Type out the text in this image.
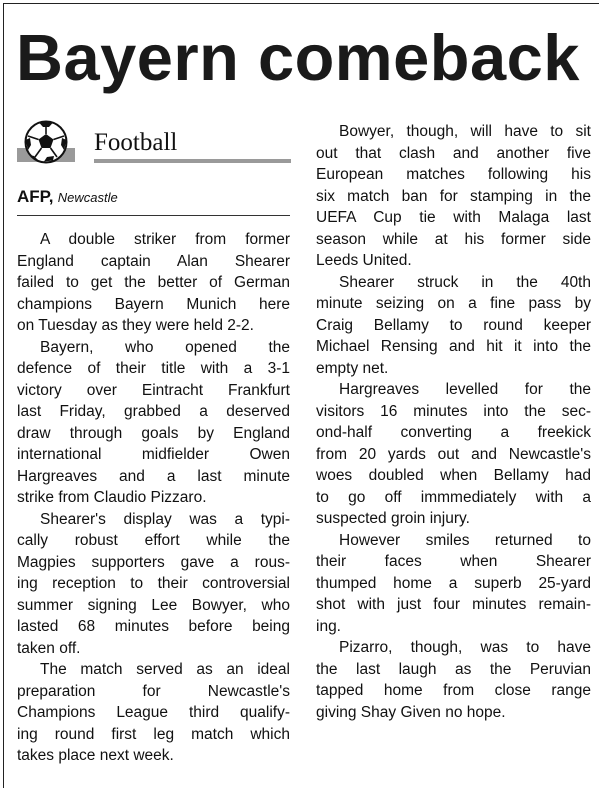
Bayern comeback
Football
AFP, Newcastle

A double striker from former

England captain Alan Shearer

failed to get the better of German

champions Bayern Munich here

on Tuesday as they were held 2-2.

Bayern, who opened the

defence of their title with a 3-1

victory over Eintracht Frankfurt

last Friday, grabbed a deserved

draw through goals by England

international midfielder Owen

Hargreaves and a last minute

strike from Claudio Pizzaro.

Shearer's display was a typi-

cally robust effort while the

Magpies supporters gave a rous-

ing reception to their controversial

summer signing Lee Bowyer, who

lasted 68 minutes before being

taken off.

The match served as an ideal

preparation for Newcastle's

Champions League third qualify-

ing round first leg match which

takes place next week.

Bowyer, though, will have to sit

out that clash and another five

European matches following his

six match ban for stamping in the

UEFA Cup tie with Malaga last

season while at his former side

Leeds United.

Shearer struck in the 40th

minute seizing on a fine pass by

Craig Bellamy to round keeper

Michael Rensing and hit it into the

empty net.

Hargreaves levelled for the

visitors 16 minutes into the sec-

ond-half converting a freekick

from 20 yards out and Newcastle's

woes doubled when Bellamy had

to go off immmediately with a

suspected groin injury.

However smiles returned to

their faces when Shearer

thumped home a superb 25-yard

shot with just four minutes remain-

ing.

Pizarro, though, was to have

the last laugh as the Peruvian

tapped home from close range

giving Shay Given no hope.
